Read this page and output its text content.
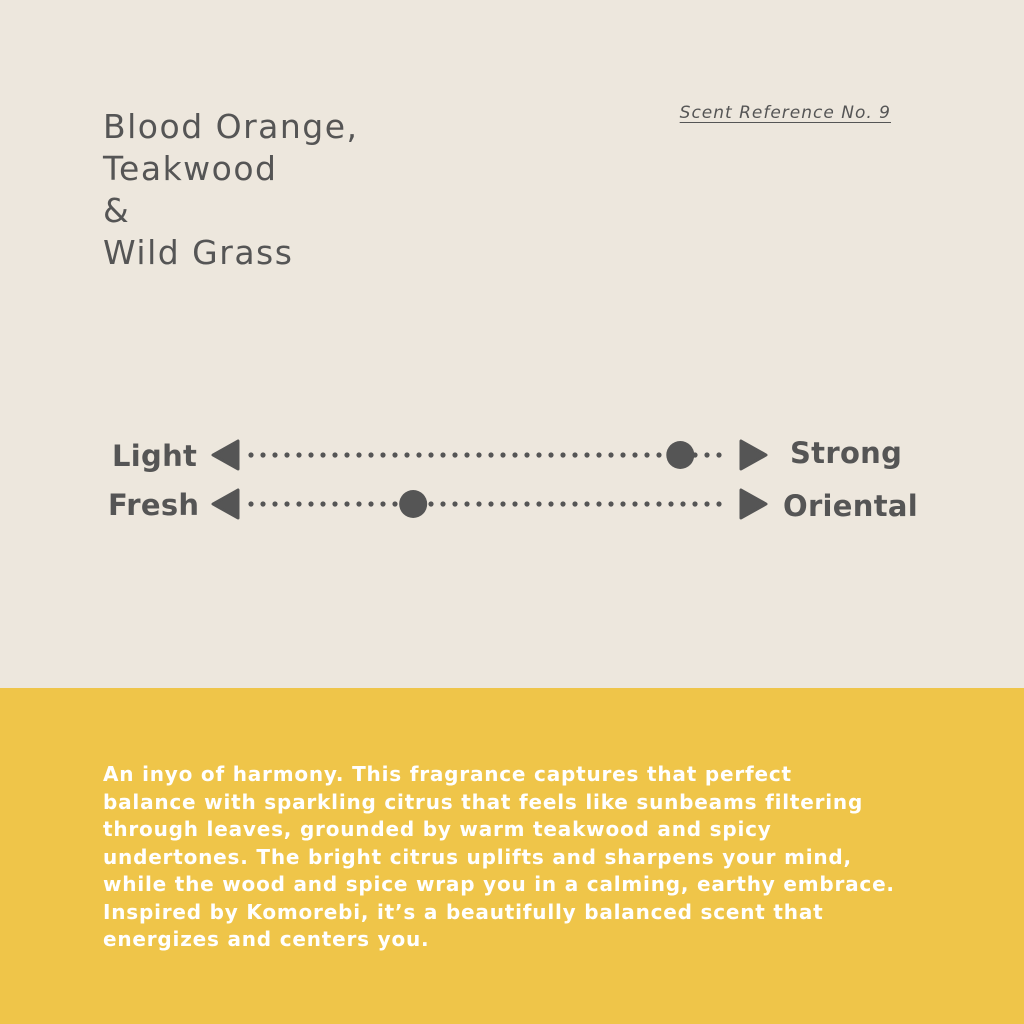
Blood Orange,
Teakwood
&
Wild Grass
Scent Reference No. 9
Light	Strong
Fresh	Oriental
An inyo of harmony. This fragrance captures that perfect
balance with sparkling citrus that feels like sunbeams filtering
through leaves, grounded by warm teakwood and spicy
undertones. The bright citrus uplifts and sharpens your mind,
while the wood and spice wrap you in a calming, earthy embrace.
Inspired by Komorebi, it’s a beautifully balanced scent that
energizes and centers you.
